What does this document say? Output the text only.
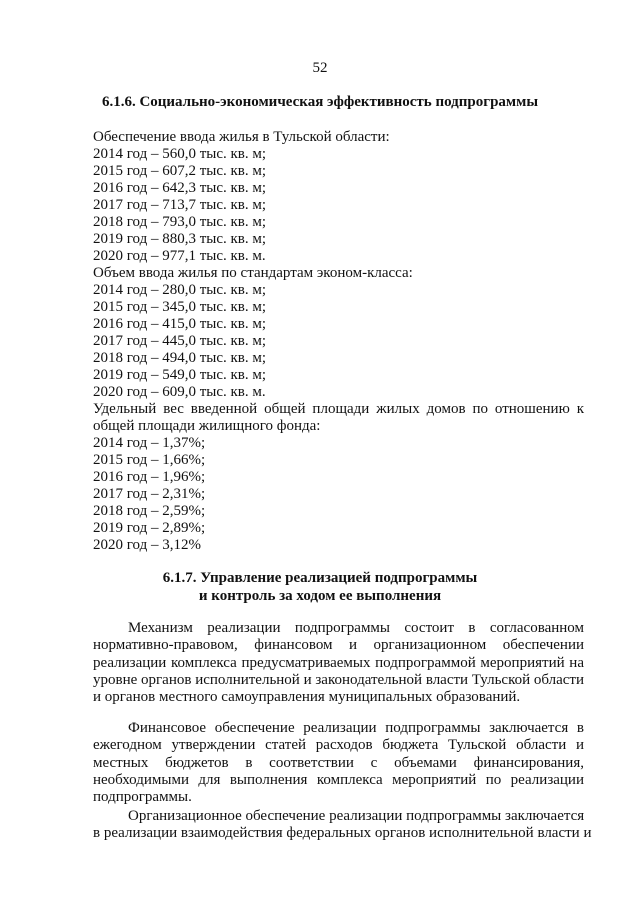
52
6.1.6. Социально-экономическая эффективность подпрограммы
Обеспечение ввода жилья в Тульской области:
2014 год – 560,0 тыс. кв. м;
2015 год – 607,2 тыс. кв. м;
2016 год – 642,3 тыс. кв. м;
2017 год – 713,7 тыс. кв. м;
2018 год – 793,0 тыс. кв. м;
2019 год – 880,3 тыс. кв. м;
2020 год – 977,1 тыс. кв. м.
Объем ввода жилья по стандартам эконом-класса:
2014 год – 280,0 тыс. кв. м;
2015 год – 345,0 тыс. кв. м;
2016 год – 415,0 тыс. кв. м;
2017 год – 445,0 тыс. кв. м;
2018 год – 494,0 тыс. кв. м;
2019 год – 549,0 тыс. кв. м;
2020 год – 609,0 тыс. кв. м.
Удельный вес введенной общей площади жилых домов по отношению к
общей площади жилищного фонда:
2014 год – 1,37%;
2015 год – 1,66%;
2016 год – 1,96%;
2017 год – 2,31%;
2018 год – 2,59%;
2019 год – 2,89%;
2020 год – 3,12%
6.1.7. Управление реализацией подпрограммы
и контроль за ходом ее выполнения
Механизм реализации подпрограммы состоит в согласованном
нормативно-правовом, финансовом и организационном обеспечении
реализации комплекса предусматриваемых подпрограммой мероприятий на
уровне органов исполнительной и законодательной власти Тульской области
и органов местного самоуправления муниципальных образований.
Финансовое обеспечение реализации подпрограммы заключается в
ежегодном утверждении статей расходов бюджета Тульской области и
местных бюджетов в соответствии с объемами финансирования,
необходимыми для выполнения комплекса мероприятий по реализации
подпрограммы.
Организационное обеспечение реализации подпрограммы заключается
в реализации взаимодействия федеральных органов исполнительной власти и
